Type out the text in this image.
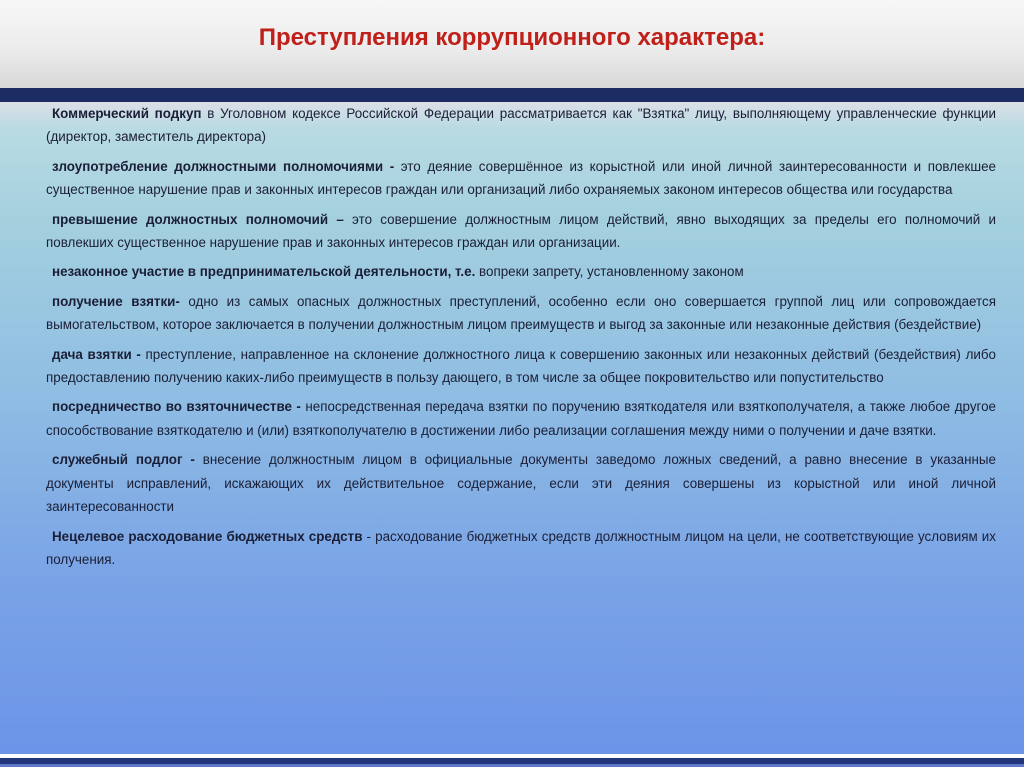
Преступления коррупционного характера:

Коммерческий подкуп в Уголовном кодексе Российской Федерации рассматривается как "Взятка" лицу, выполняющему управленческие функции (директор, заместитель директора)

злоупотребление должностными полномочиями - это деяние совершённое из корыстной или иной личной заинтересованности и повлекшее существенное нарушение прав и законных интересов граждан или организаций либо охраняемых законом интересов общества или государства

превышение должностных полномочий – это совершение должностным лицом действий, явно выходящих за пределы его полномочий и повлекших существенное нарушение прав и законных интересов граждан или организации.

незаконное участие в предпринимательской деятельности, т.е. вопреки запрету, установленному законом

получение взятки- одно из самых опасных должностных преступлений, особенно если оно совершается группой лиц или сопровождается вымогательством, которое заключается в получении должностным лицом преимуществ и выгод за законные или незаконные действия (бездействие)

дача взятки - преступление, направленное на склонение должностного лица к совершению законных или незаконных действий (бездействия) либо предоставлению получению каких-либо преимуществ в пользу дающего, в том числе за общее покровительство или попустительство

посредничество во взяточничестве - непосредственная передача взятки по поручению взяткодателя или взяткополучателя, а также любое другое способствование взяткодателю и (или) взяткополучателю в достижении либо реализации соглашения между ними о получении и даче взятки.

служебный подлог - внесение должностным лицом в официальные документы заведомо ложных сведений, а равно внесение в указанные документы исправлений, искажающих их действительное содержание, если эти деяния совершены из корыстной или иной личной заинтересованности

Нецелевое расходование бюджетных средств - расходование бюджетных средств должностным лицом на цели, не соответствующие условиям их получения.
